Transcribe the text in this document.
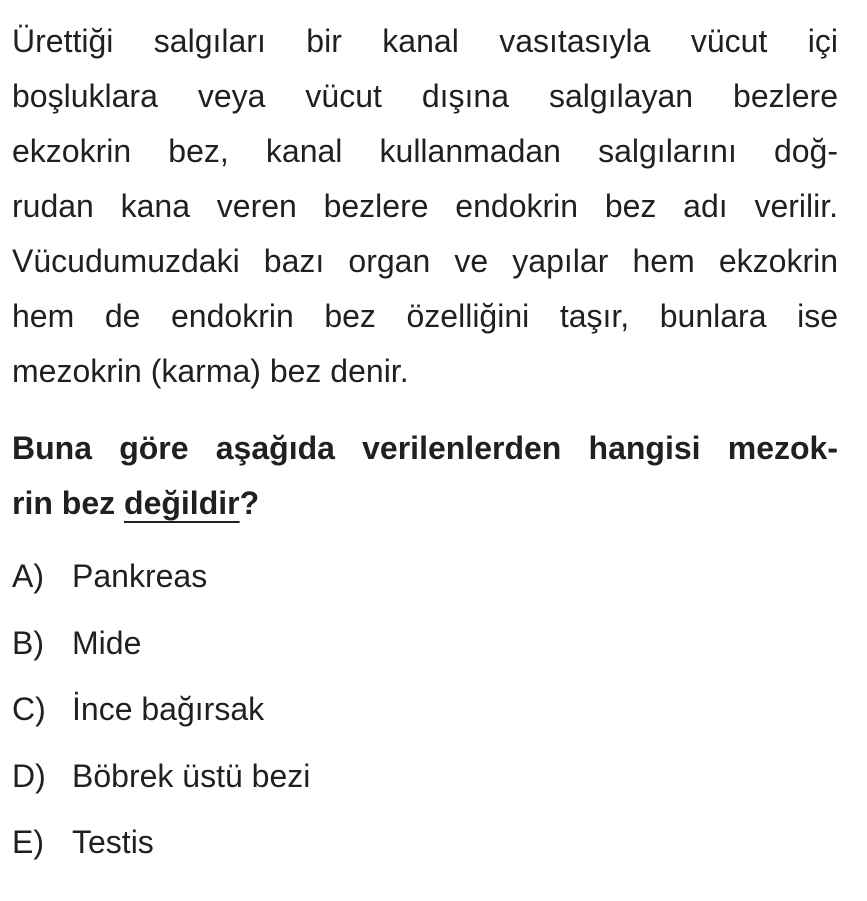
Ürettiği salgıları bir kanal vasıtasıyla vücut içi
boşluklara veya vücut dışına salgılayan bezlere
ekzokrin bez, kanal kullanmadan salgılarını doğ-
rudan kana veren bezlere endokrin bez adı verilir.
Vücudumuzdaki bazı organ ve yapılar hem ekzokrin
hem de endokrin bez özelliğini taşır, bunlara ise
mezokrin (karma) bez denir.
Buna göre aşağıda verilenlerden hangisi mezok-
rin bez değildir?
A) Pankreas
B) Mide
C) İnce bağırsak
D) Böbrek üstü bezi
E) Testis
